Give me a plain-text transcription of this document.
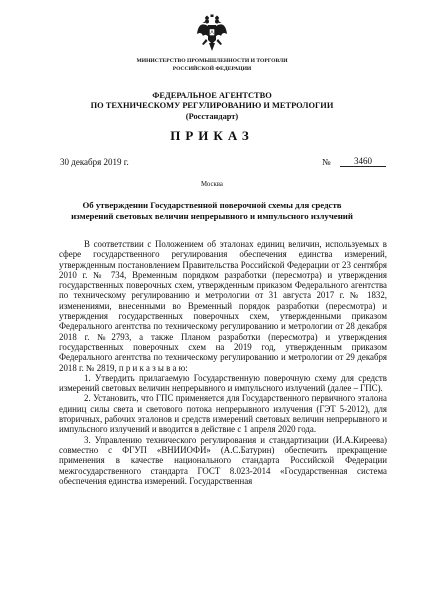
МИНИСТЕРСТВО ПРОМЫШЛЕННОСТИ И ТОРГОВЛИ
РОССИЙСКОЙ ФЕДЕРАЦИИ
ФЕДЕРАЛЬНОЕ АГЕНТСТВО
ПО ТЕХНИЧЕСКОМУ РЕГУЛИРОВАНИЮ И МЕТРОЛОГИИ
(Росстандарт)
ПРИКАЗ
30 декабря 2019 г.	№	3460
Москва
Об утверждении Государственной поверочной схемы для средств
измерений световых величин непрерывного и импульсного излучений

В соответствии с Положением об эталонах единиц величин, используемых в сфере государственного регулирования обеспечения единства измерений, утвержденным постановлением Правительства Российской Федерации от 23 сентября 2010 г. № 734, Временным порядком разработки (пересмотра) и утверждения государственных поверочных схем, утвержденным приказом Федерального агентства по техническому регулированию и метрологии от 31 августа 2017 г. № 1832, изменениями, внесенными во Временный порядок разработки (пересмотра) и утверждения государственных поверочных схем, утвержденными приказом Федерального агентства по техническому регулированию и метрологии от 28 декабря 2018 г. №2793, а также Планом разработки (пересмотра) и утверждения государственных поверочных схем на 2019 год, утвержденным приказом Федерального агентства по техническому регулированию и метрологии от 29 декабря 2018 г. № 2819, п р и к а з ы в а ю:

1. Утвердить прилагаемую Государственную поверочную схему для средств измерений световых величин непрерывного и импульсного излучений (далее – ГПС).

2. Установить, что ГПС применяется для Государственного первичного эталона единиц силы света и светового потока непрерывного излучения (ГЭТ 5-2012), для вторичных, рабочих эталонов и средств измерений световых величин непрерывного и импульсного излучений и вводится в действие с 1 апреля 2020 года.

3. Управлению технического регулирования и стандартизации (И.А.Киреева) совместно с ФГУП «ВНИИОФИ» (А.С.Батурин) обеспечить прекращение применения в качестве национального стандарта Российской Федерации межгосударственного стандарта ГОСТ 8.023-2014 «Государственная система обеспечения единства измерений. Государственная
